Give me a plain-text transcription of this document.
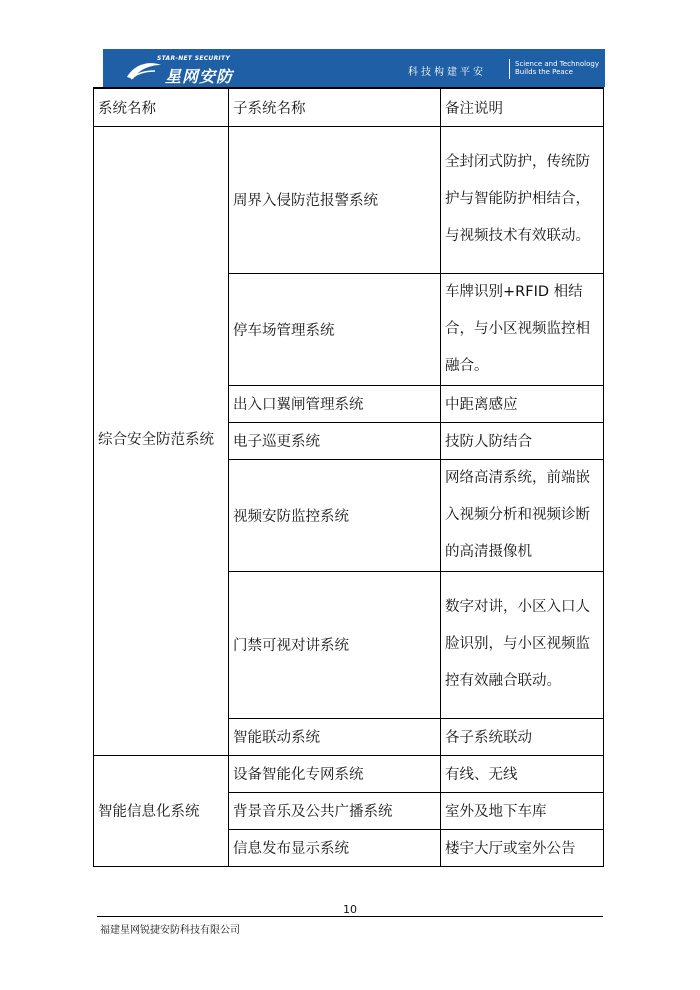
STAR-NET SECURITY
星网安防	科技构建平安
Science and Technology
Builds the Peace
系统名称	子系统名称	备注说明
综合安全防范系统	周界入侵防范报警系统	全封闭式防护，传统防护与智能防护相结合，与视频技术有效联动。
	停车场管理系统	车牌识别+RFID 相结合，与小区视频监控相融合。
	出入口翼闸管理系统	中距离感应
	电子巡更系统	技防人防结合
	视频安防监控系统	网络高清系统，前端嵌入视频分析和视频诊断的高清摄像机
	门禁可视对讲系统	数字对讲，小区入口人脸识别，与小区视频监控有效融合联动。
	智能联动系统	各子系统联动
智能信息化系统	设备智能化专网系统	有线、无线
	背景音乐及公共广播系统	室外及地下车库
	信息发布显示系统	楼宇大厅或室外公告
10
福建星网锐捷安防科技有限公司
